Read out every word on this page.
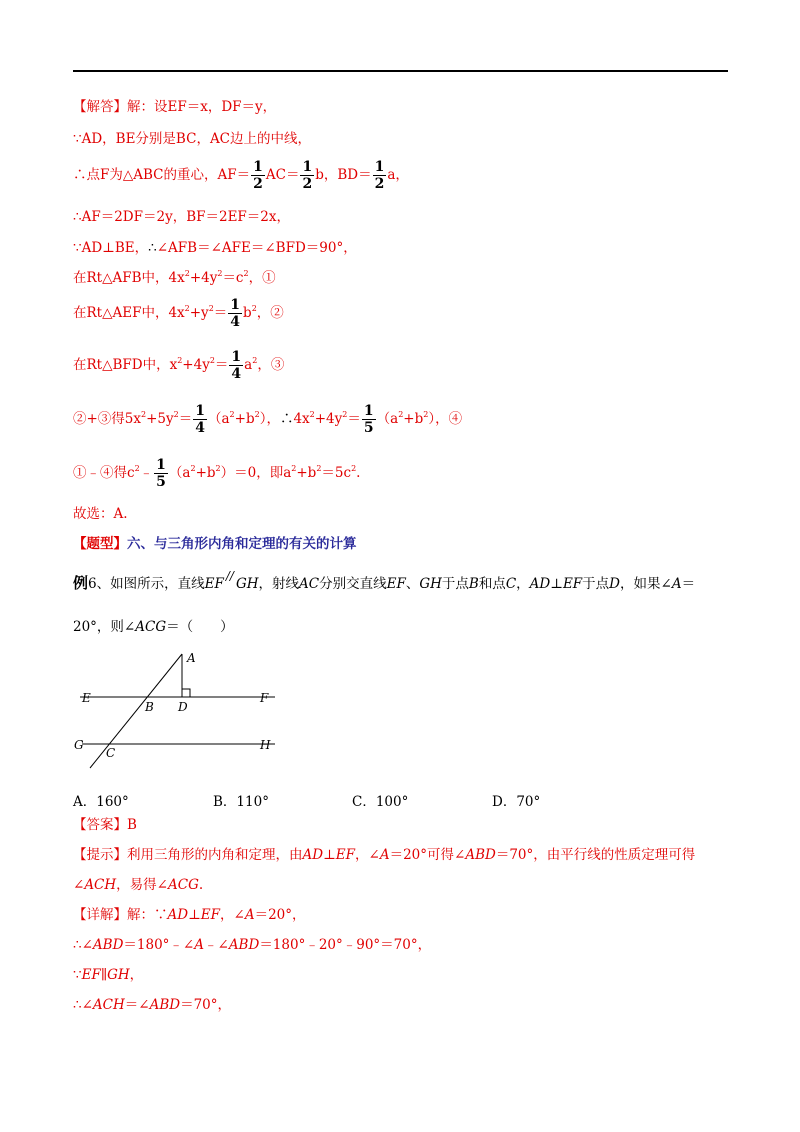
【解答】解：设EF＝x，DF＝y，
∵AD，BE分别是BC，AC边上的中线，
∴点F为△ABC的重心，$AF= \frac{1}{2} AC= \frac{1}{2}$ b，$BD= \frac{1}{2}$ a，
∴AF＝2DF＝2y，BF＝2EF＝2x，
∵AD⊥BE，∴∠AFB＝∠AFE＝∠BFD＝90°，
在Rt△AFB中，$4x^2+4y^2=c^2$，①
在Rt△AEF中，$4x^2+y^2= \frac{1}{4} b^2$，②
在Rt△BFD中，$x^2+4y^2= \frac{1}{4} a^2$，③
②+③得$5x^2+5y^2= \frac{1}{4} (a^2+b^2)$，$\therefore 4x^2+4y^2= \frac{1}{5} (a^2+b^2)$，④
①﹣④得$c^2﹣ \frac{1}{5} (a^2+b^2)=0$，即$a^2+b^2=5c^2$.
故选：A.
【题型】六、与三角形内角和定理的有关的计算
例6、如图所示，直线EF // GH，射线AC分别交直线EF、GH于点B和点C，AD⊥EF于点D，如果∠A＝
20°，则∠ACG＝（　　）
A
E
B D
F
G
C
H
A．160°	B．110°	C．100°	D．70°
【答案】B
【提示】利用三角形的内角和定理，由AD⊥EF，∠A＝20°可得∠ABD＝70°，由平行线的性质定理可得
∠ACH，易得∠ACG.
【详解】解：∵AD⊥EF，∠A＝20°，
∴∠ABD＝180°﹣∠A﹣∠ABD＝180°﹣20°﹣90°＝70°，
∵EF∥GH，
∴∠ACH＝∠ABD＝70°，
